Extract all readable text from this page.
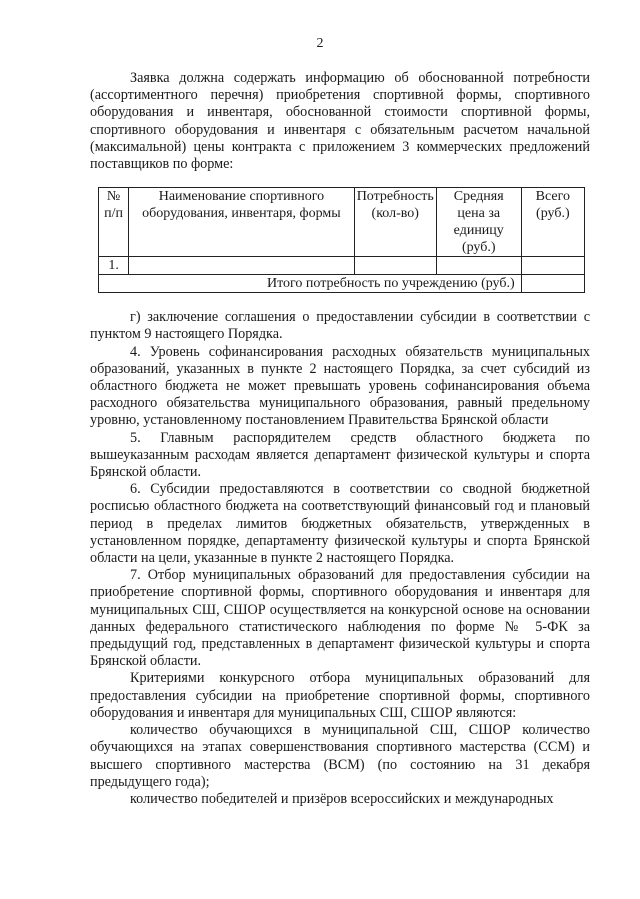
2

Заявка должна содержать информацию об обоснованной потребности (ассортиментного перечня) приобретения спортивной формы, спортивного оборудования и инвентаря, обоснованной стоимости спортивной формы, спортивного оборудования и инвентаря с обязательным расчетом начальной (максимальной) цены контракта с приложением 3 коммерческих предложений поставщиков по форме:

№ п/п	Наименование спортивного оборудования, инвентаря, формы	Потребность (кол-во)	Средняя цена за единицу (руб.)	Всего (руб.)
1.				
Итого потребность по учреждению (руб.)				

г) заключение соглашения о предоставлении субсидии в соответствии с пунктом 9 настоящего Порядка.

4. Уровень софинансирования расходных обязательств муниципальных образований, указанных в пункте 2 настоящего Порядка, за счет субсидий из областного бюджета не может превышать уровень софинансирования объема расходного обязательства муниципального образования, равный предельному уровню, установленному постановлением Правительства Брянской области

5. Главным распорядителем средств областного бюджета по вышеуказанным расходам является департамент физической культуры и спорта Брянской области.

6. Субсидии предоставляются в соответствии со сводной бюджетной росписью областного бюджета на соответствующий финансовый год и плановый период в пределах лимитов бюджетных обязательств, утвержденных в установленном порядке, департаменту физической культуры и спорта Брянской области на цели, указанные в пункте 2 настоящего Порядка.

7. Отбор муниципальных образований для предоставления субсидии на приобретение спортивной формы, спортивного оборудования и инвентаря для муниципальных СШ, СШОР осуществляется на конкурсной основе на основании данных федерального статистического наблюдения по форме № 5-ФК за предыдущий год, представленных в департамент физической культуры и спорта Брянской области.

Критериями конкурсного отбора муниципальных образований для предоставления субсидии на приобретение спортивной формы, спортивного оборудования и инвентаря для муниципальных СШ, СШОР являются:

количество обучающихся в муниципальной СШ, СШОР количество обучающихся на этапах совершенствования спортивного мастерства (ССМ) и высшего спортивного мастерства (ВСМ) (по состоянию на 31 декабря предыдущего года);

количество победителей и призёров всероссийских и международных
